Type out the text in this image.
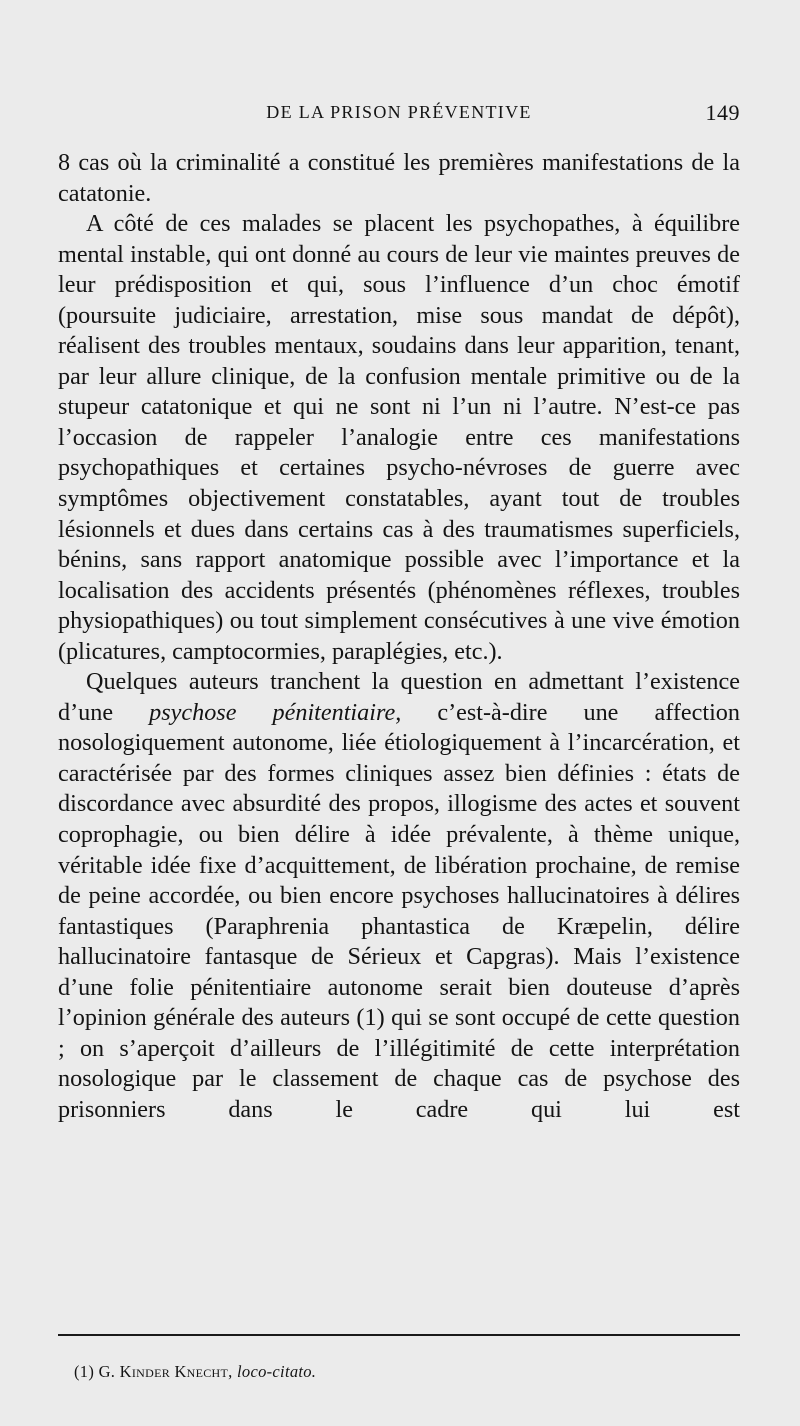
DE LA PRISON PRÉVENTIVE	149

8 cas où la criminalité a constitué les premières manifestations de la catatonie.

A côté de ces malades se placent les psychopathes, à équilibre mental instable, qui ont donné au cours de leur vie maintes preuves de leur prédisposition et qui, sous l’influence d’un choc émotif (poursuite judiciaire, arrestation, mise sous mandat de dépôt), réalisent des troubles mentaux, soudains dans leur apparition, tenant, par leur allure clinique, de la confusion mentale primitive ou de la stupeur catatonique et qui ne sont ni l’un ni l’autre. N’est-ce pas l’occasion de rappeler l’analogie entre ces manifestations psychopathiques et certaines psycho-névroses de guerre avec symptômes objectivement constatables, ayant tout de troubles lésionnels et dues dans certains cas à des traumatismes superficiels, bénins, sans rapport anatomique possible avec l’importance et la localisation des accidents présentés (phénomènes réflexes, troubles physiopathiques) ou tout simplement consécutives à une vive émotion (plicatures, camptocormies, paraplégies, etc.).

Quelques auteurs tranchent la question en admettant l’existence d’une psychose pénitentiaire, c’est-à-dire une affection nosologiquement autonome, liée étiologiquement à l’incarcération, et caractérisée par des formes cliniques assez bien définies : états de discordance avec absurdité des propos, illogisme des actes et souvent coprophagie, ou bien délire à idée prévalente, à thème unique, véritable idée fixe d’acquittement, de libération prochaine, de remise de peine accordée, ou bien encore psychoses hallucinatoires à délires fantastiques (Paraphrenia phantastica de Kræpelin, délire hallucinatoire fantasque de Sérieux et Capgras). Mais l’existence d’une folie pénitentiaire autonome serait bien douteuse d’après l’opinion générale des auteurs (1) qui se sont occupé de cette question ; on s’aperçoit d’ailleurs de l’illégitimité de cette interprétation nosologique par le classement de chaque cas de psychose des prisonniers dans le cadre qui lui est

(1) G. Kinder Knecht, loco-citato.
